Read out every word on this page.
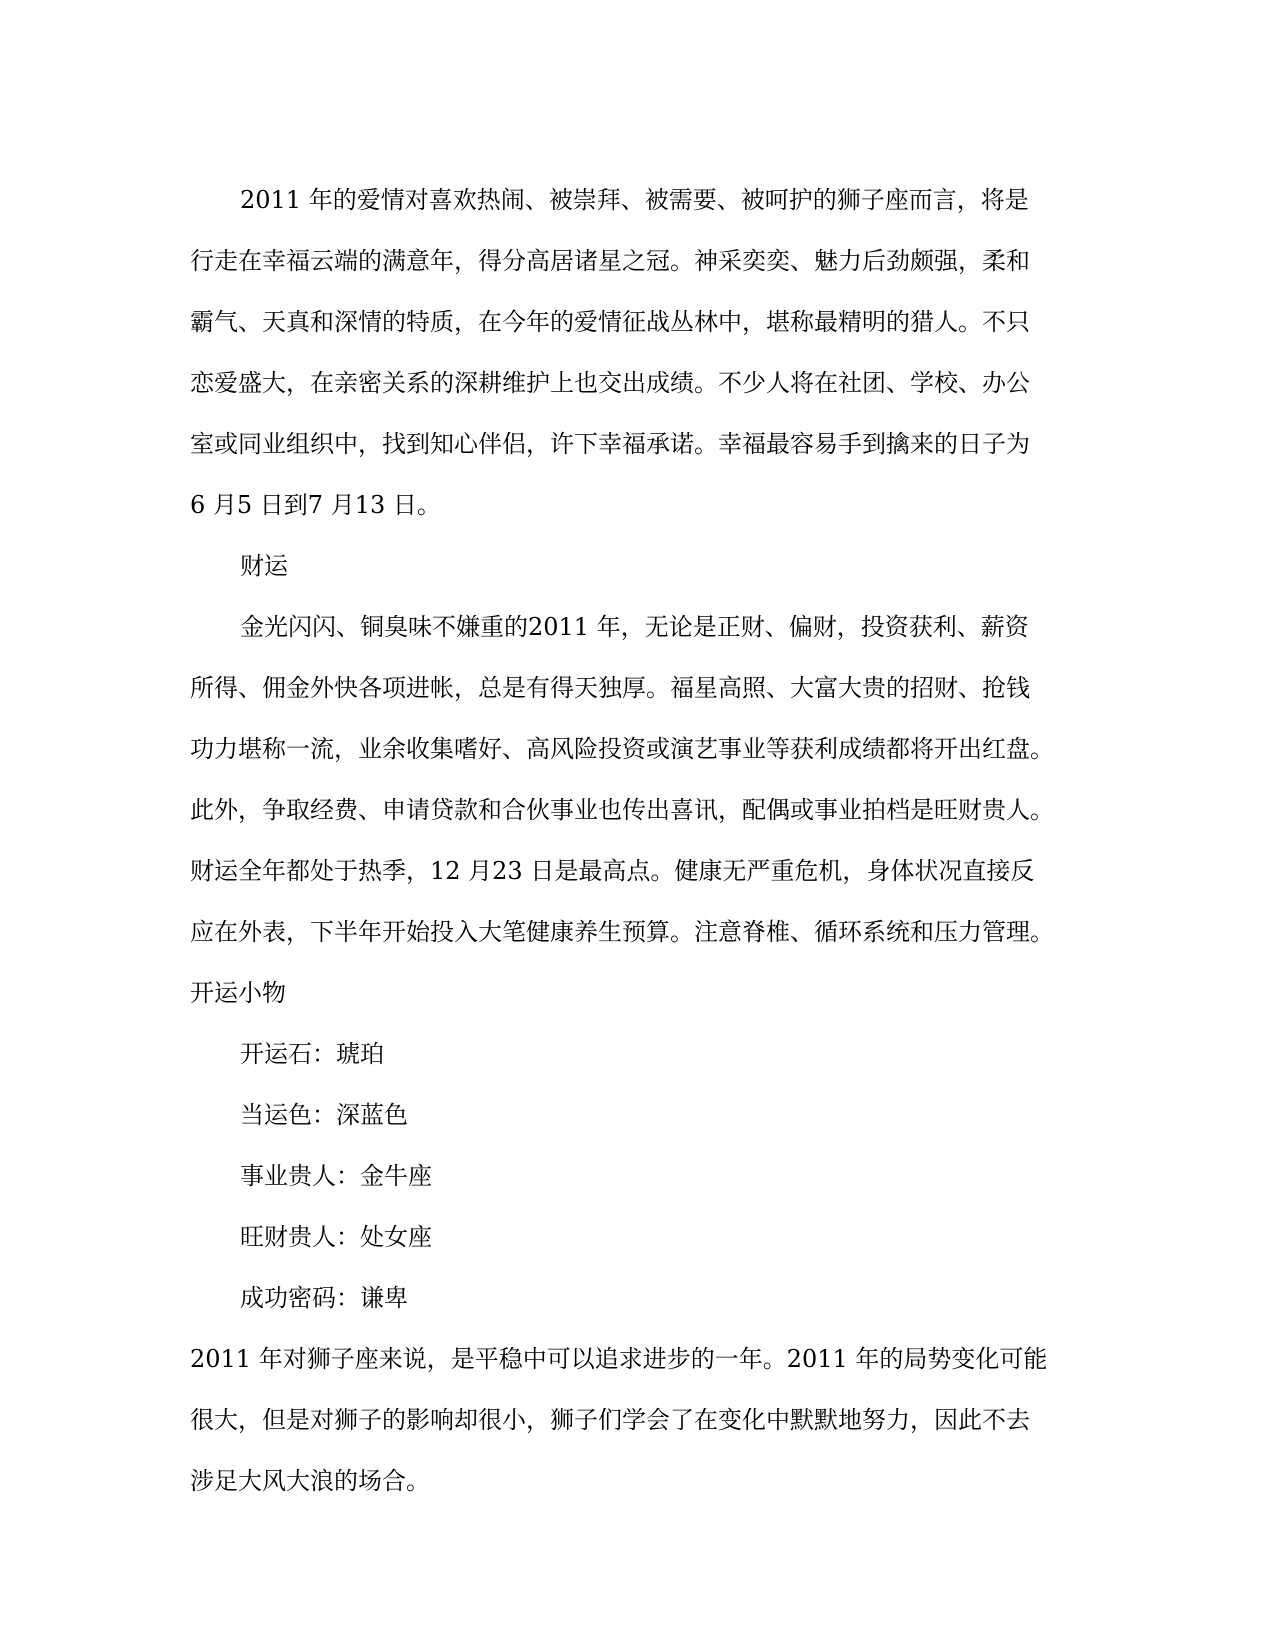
2011 年的爱情对喜欢热闹、被崇拜、被需要、被呵护的狮子座而言，将是
行走在幸福云端的满意年，得分高居诸星之冠。神采奕奕、魅力后劲颇强，柔和
霸气、天真和深情的特质，在今年的爱情征战丛林中，堪称最精明的猎人。不只
恋爱盛大，在亲密关系的深耕维护上也交出成绩。不少人将在社团、学校、办公
室或同业组织中，找到知心伴侣，许下幸福承诺。幸福最容易手到擒来的日子为
6 月5 日到7 月13 日。
财运
金光闪闪、铜臭味不嫌重的2011 年，无论是正财、偏财，投资获利、薪资
所得、佣金外快各项进帐，总是有得天独厚。福星高照、大富大贵的招财、抢钱
功力堪称一流，业余收集嗜好、高风险投资或演艺事业等获利成绩都将开出红盘。
此外，争取经费、申请贷款和合伙事业也传出喜讯，配偶或事业拍档是旺财贵人。
财运全年都处于热季，12 月23 日是最高点。健康无严重危机，身体状况直接反
应在外表，下半年开始投入大笔健康养生预算。注意脊椎、循环系统和压力管理。
开运小物
开运石：琥珀
当运色：深蓝色
事业贵人：金牛座
旺财贵人：处女座
成功密码：谦卑
2011 年对狮子座来说，是平稳中可以追求进步的一年。2011 年的局势变化可能
很大，但是对狮子的影响却很小，狮子们学会了在变化中默默地努力，因此不去
涉足大风大浪的场合。
